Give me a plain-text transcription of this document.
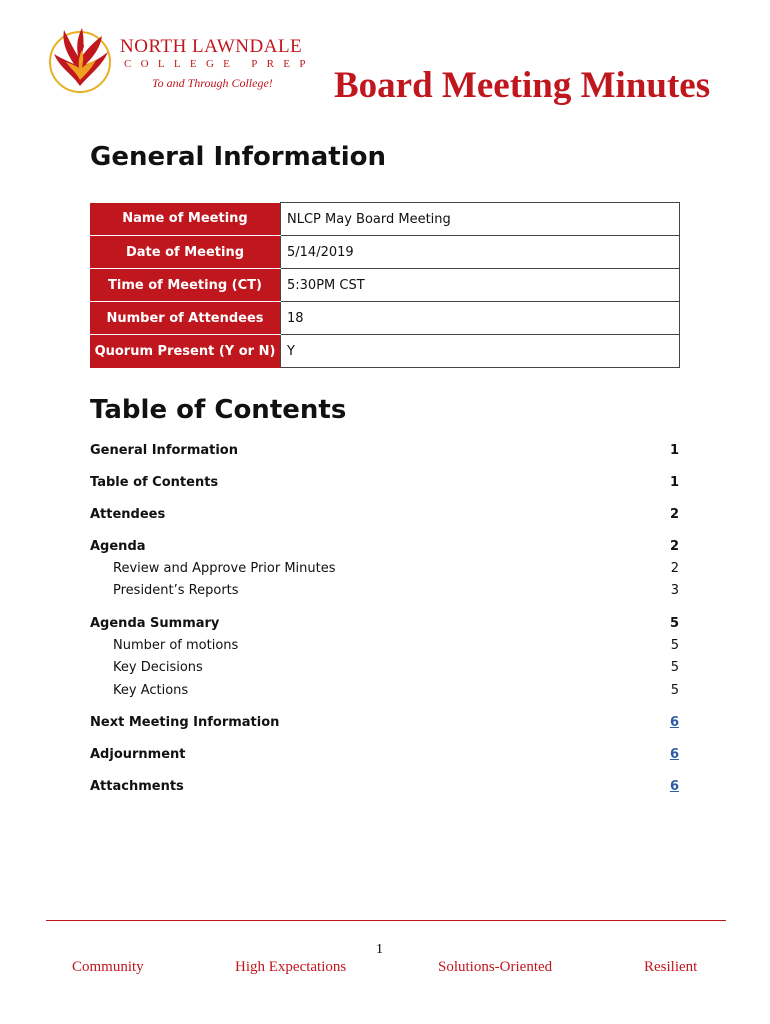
NORTH LAWNDALE
COLLEGE PREP
To and Through College! Board Meeting Minutes
General Information
Name of Meeting	NLCP May Board Meeting
Date of Meeting	5/14/2019
Time of Meeting (CT)	5:30PM CST
Number of Attendees	18
Quorum Present (Y or N)	Y
Table of Contents
General Information	1
Table of Contents	1
Attendees	2
Agenda	2
Review and Approve Prior Minutes	2
President’s Reports	3
Agenda Summary	5
Number of motions	5
Key Decisions	5
Key Actions	5
Next Meeting Information	6
Adjournment	6
Attachments	6
1
Community	High Expectations	Solutions-Oriented	Resilient
